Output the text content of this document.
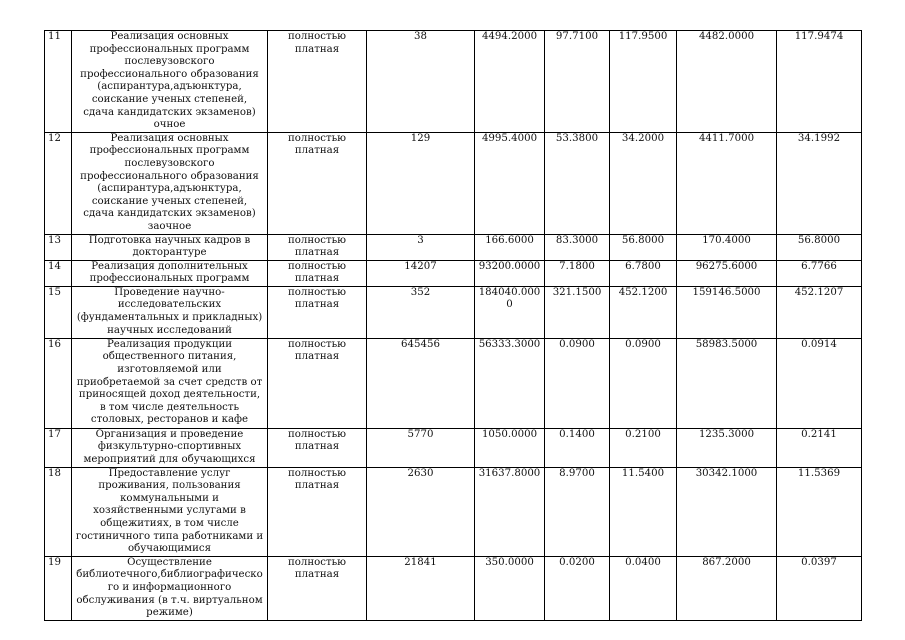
11	Реализация основных профессиональных программ послевузовского профессионального образования (аспирантура,адъюнктура, соискание ученых степеней, сдача кандидатских экзаменов) очное	полностью платная	38	4494.2000	97.7100	117.9500	4482.0000	117.9474
12	Реализация основных профессиональных программ послевузовского профессионального образования (аспирантура,адъюнктура, соискание ученых степеней, сдача кандидатских экзаменов) заочное	полностью платная	129	4995.4000	53.3800	34.2000	4411.7000	34.1992
13	Подготовка научных кадров в докторантуре	полностью платная	3	166.6000	83.3000	56.8000	170.4000	56.8000
14	Реализация дополнительных профессиональных программ	полностью платная	14207	93200.0000	7.1800	6.7800	96275.6000	6.7766
15	Проведение научно-исследовательских (фундаментальных и прикладных) научных исследований	полностью платная	352	184040.0000	321.1500	452.1200	159146.5000	452.1207
16	Реализация продукции общественного питания, изготовляемой или приобретаемой за счет средств от приносящей доход деятельности, в том числе деятельность столовых, ресторанов и кафе	полностью платная	645456	56333.3000	0.0900	0.0900	58983.5000	0.0914
17	Организация и проведение физкультурно-спортивных мероприятий для обучающихся	полностью платная	5770	1050.0000	0.1400	0.2100	1235.3000	0.2141
18	Предоставление услуг проживания, пользования коммунальными и хозяйственными услугами в общежитиях, в том числе гостиничного типа работниками и обучающимися	полностью платная	2630	31637.8000	8.9700	11.5400	30342.1000	11.5369
19	Осуществление библиотечного,библиографического и информационного обслуживания (в т.ч. виртуальном режиме)	полностью платная	21841	350.0000	0.0200	0.0400	867.2000	0.0397
